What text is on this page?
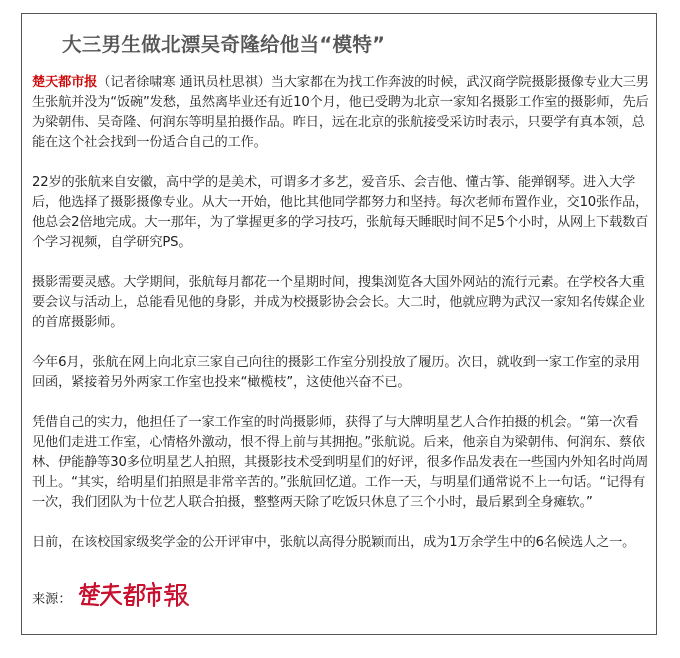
大三男生做北漂吴奇隆给他当“模特”

楚天都市报（记者徐啸寒 通讯员杜思祺）当大家都在为找工作奔波的时候，武汉商学院摄影摄像专业大三男生张航并没为“饭碗”发愁，虽然离毕业还有近10个月，他已受聘为北京一家知名摄影工作室的摄影师，先后为梁朝伟、吴奇隆、何润东等明星拍摄作品。昨日，远在北京的张航接受采访时表示，只要学有真本领，总能在这个社会找到一份适合自己的工作。

22岁的张航来自安徽，高中学的是美术，可谓多才多艺，爱音乐、会吉他、懂古筝、能弹钢琴。进入大学后，他选择了摄影摄像专业。从大一开始，他比其他同学都努力和坚持。每次老师布置作业，交10张作品，他总会2倍地完成。大一那年，为了掌握更多的学习技巧，张航每天睡眠时间不足5个小时，从网上下载数百个学习视频，自学研究PS。

摄影需要灵感。大学期间，张航每月都花一个星期时间，搜集浏览各大国外网站的流行元素。在学校各大重要会议与活动上，总能看见他的身影，并成为校摄影协会会长。大二时，他就应聘为武汉一家知名传媒企业的首席摄影师。

今年6月，张航在网上向北京三家自己向往的摄影工作室分别投放了履历。次日，就收到一家工作室的录用回函，紧接着另外两家工作室也投来“橄榄枝”，这使他兴奋不已。

凭借自己的实力，他担任了一家工作室的时尚摄影师，获得了与大牌明星艺人合作拍摄的机会。“第一次看见他们走进工作室，心情格外激动，恨不得上前与其拥抱。”张航说。后来，他亲自为梁朝伟、何润东、蔡依林、伊能静等30多位明星艺人拍照，其摄影技术受到明星们的好评，很多作品发表在一些国内外知名时尚周刊上。“其实，给明星们拍照是非常辛苦的。”张航回忆道。工作一天，与明星们通常说不上一句话。“记得有一次，我们团队为十位艺人联合拍摄，整整两天除了吃饭只休息了三个小时，最后累到全身瘫软。”

日前，在该校国家级奖学金的公开评审中，张航以高得分脱颖而出，成为1万余学生中的6名候选人之一。

来源：
